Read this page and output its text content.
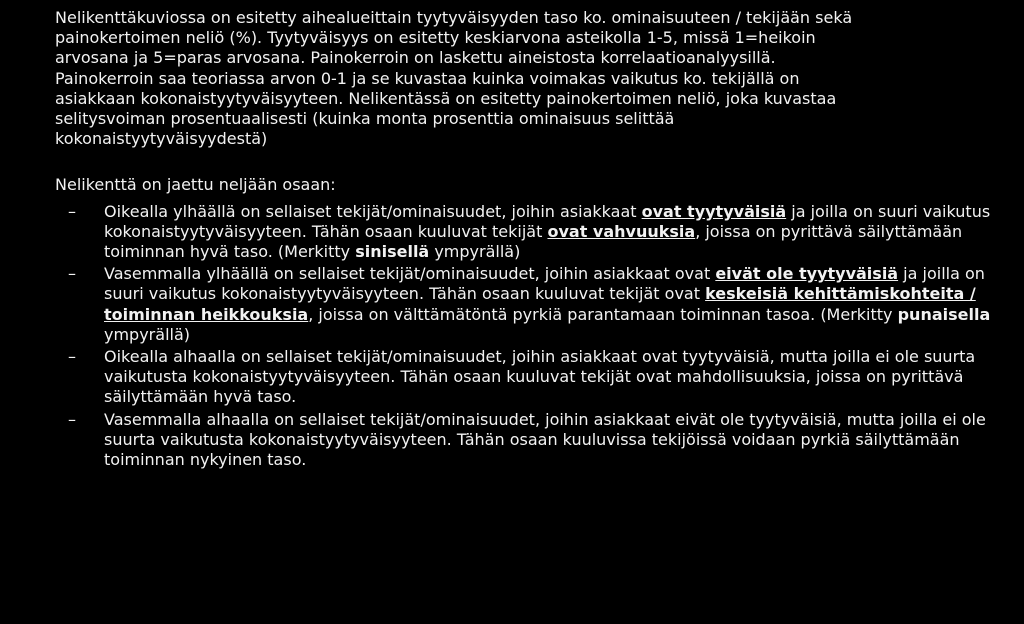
Nelikenttäkuviossa on esitetty aihealueittain tyytyväisyyden taso ko. ominaisuuteen / tekijään sekä

painokertoimen neliö (%). Tyytyväisyys on esitetty keskiarvona asteikolla 1-5, missä 1=heikoin

arvosana ja 5=paras arvosana. Painokerroin on laskettu aineistosta korrelaatioanalyysillä.

Painokerroin saa teoriassa arvon 0-1 ja se kuvastaa kuinka voimakas vaikutus ko. tekijällä on

asiakkaan kokonaistyytyväisyyteen. Nelikentässä on esitetty painokertoimen neliö, joka kuvastaa

selitysvoiman prosentuaalisesti (kuinka monta prosenttia ominaisuus selittää

kokonaistyytyväisyydestä)

Nelikenttä on jaettu neljään osaan:

– Oikealla ylhäällä on sellaiset tekijät/ominaisuudet, joihin asiakkaat ovat tyytyväisiä ja joilla on suuri vaikutus kokonaistyytyväisyyteen. Tähän osaan kuuluvat tekijät ovat vahvuuksia, joissa on pyrittävä säilyttämään toiminnan hyvä taso. (Merkitty sinisellä ympyrällä)
– Vasemmalla ylhäällä on sellaiset tekijät/ominaisuudet, joihin asiakkaat ovat eivät ole tyytyväisiä ja joilla on suuri vaikutus kokonaistyytyväisyyteen. Tähän osaan kuuluvat tekijät ovat keskeisiä kehittämiskohteita / toiminnan heikkouksia, joissa on välttämätöntä pyrkiä parantamaan toiminnan tasoa. (Merkitty punaisella ympyrällä)
– Oikealla alhaalla on sellaiset tekijät/ominaisuudet, joihin asiakkaat ovat tyytyväisiä, mutta joilla ei ole suurta vaikutusta kokonaistyytyväisyyteen. Tähän osaan kuuluvat tekijät ovat mahdollisuuksia, joissa on pyrittävä säilyttämään hyvä taso.
– Vasemmalla alhaalla on sellaiset tekijät/ominaisuudet, joihin asiakkaat eivät ole tyytyväisiä, mutta joilla ei ole suurta vaikutusta kokonaistyytyväisyyteen. Tähän osaan kuuluvissa tekijöissä voidaan pyrkiä säilyttämään toiminnan nykyinen taso.
